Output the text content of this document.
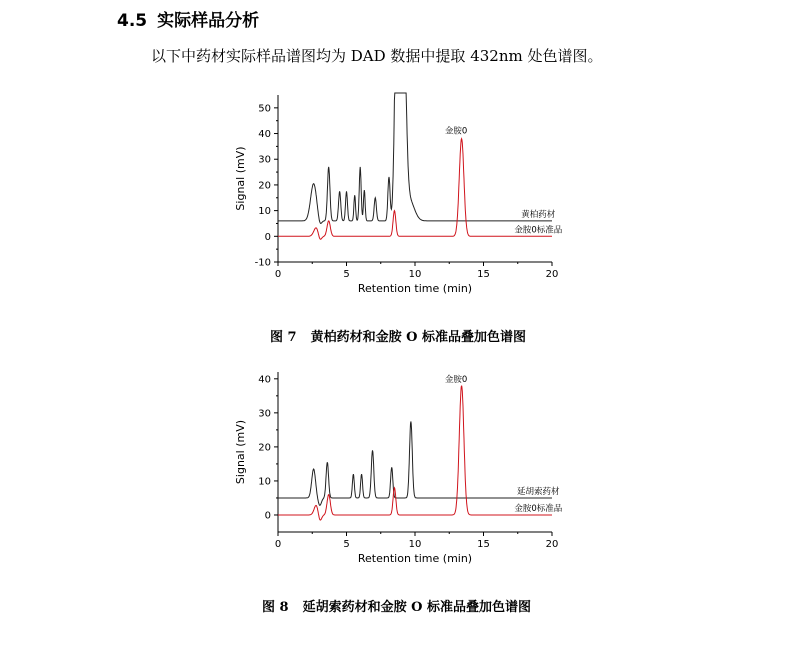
4.5 实际样品分析
以下中药材实际样品谱图均为 DAD 数据中提取 432nm 处色谱图。
-10
0
10
20
30
40
50
0	5	10	15	20
Retention time (min)
Signal (mV)
黄柏药材
金胺0标准品
金胺0
图 7 黄柏药材和金胺 O 标准品叠加色谱图
0
10
20
30
40
0	5	10	15	20
Retention time (min)
Signal (mV)
延胡索药材
金胺0标准品
金胺0
图 8 延胡索药材和金胺 O 标准品叠加色谱图
